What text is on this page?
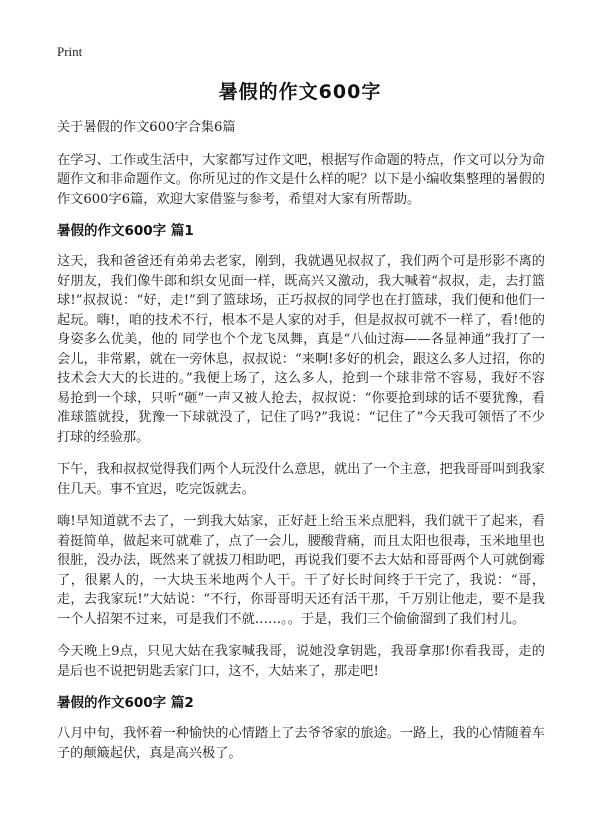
Print
暑假的作文600字

关于暑假的作文600字合集6篇

在学习、工作或生活中，大家都写过作文吧，根据写作命题的特点，作文可以分为命题作文和非命题作文。你所见过的作文是什么样的呢？以下是小编收集整理的暑假的作文600字6篇，欢迎大家借鉴与参考，希望对大家有所帮助。

暑假的作文600字 篇1

这天，我和爸爸还有弟弟去老家，刚到，我就遇见叔叔了，我们两个可是形影不离的好朋友，我们像牛郎和织女见面一样，既高兴又激动，我大喊着“叔叔，走，去打篮球!”叔叔说：“好，走!”到了篮球场，正巧叔叔的同学也在打篮球，我们便和他们一起玩。嗨!，咱的技术不行，根本不是人家的对手，但是叔叔可就不一样了，看!他的身姿多么优美，他的 同学也个个龙飞凤舞，真是“八仙过海——各显神通”我打了一会儿，非常累，就在一旁休息，叔叔说：“来啊!多好的机会，跟这么多人过招，你的技术会大大的长进的。”我便上场了，这么多人，抢到一个球非常不容易，我好不容易抢到一个球，只听“砸”一声又被人抢去，叔叔说：“你要抢到球的话不要犹豫，看准球篮就投，犹豫一下球就没了，记住了吗?”我说：“记住了”今天我可领悟了不少打球的经验那。

下午，我和叔叔觉得我们两个人玩没什么意思，就出了一个主意，把我哥哥叫到我家住几天。事不宜迟，吃完饭就去。

嗨!早知道就不去了，一到我大姑家，正好赶上给玉米点肥料，我们就干了起来，看着挺简单，做起来可就难了，点了一会儿，腰酸背痛，而且太阳也很毒，玉米地里也很脏，没办法，既然来了就拔刀相助吧，再说我们要不去大姑和哥哥两个人可就倒霉了，很累人的，一大块玉米地两个人干。干了好长时间终于干完了，我说：“哥，走，去我家玩!”大姑说：“不行，你哥哥明天还有活干那，千万别让他走，要不是我一个人招架不过来，可是我们不就……。。于是，我们三个偷偷溜到了我们村儿。

今天晚上9点，只见大姑在我家喊我哥，说她没拿钥匙，我哥拿那!你看我哥，走的是后也不说把钥匙丢家门口，这不，大姑来了，那走吧!

暑假的作文600字 篇2

八月中旬，我怀着一种愉快的心情踏上了去爷爷家的旅途。一路上，我的心情随着车子的颠簸起伏，真是高兴极了。
